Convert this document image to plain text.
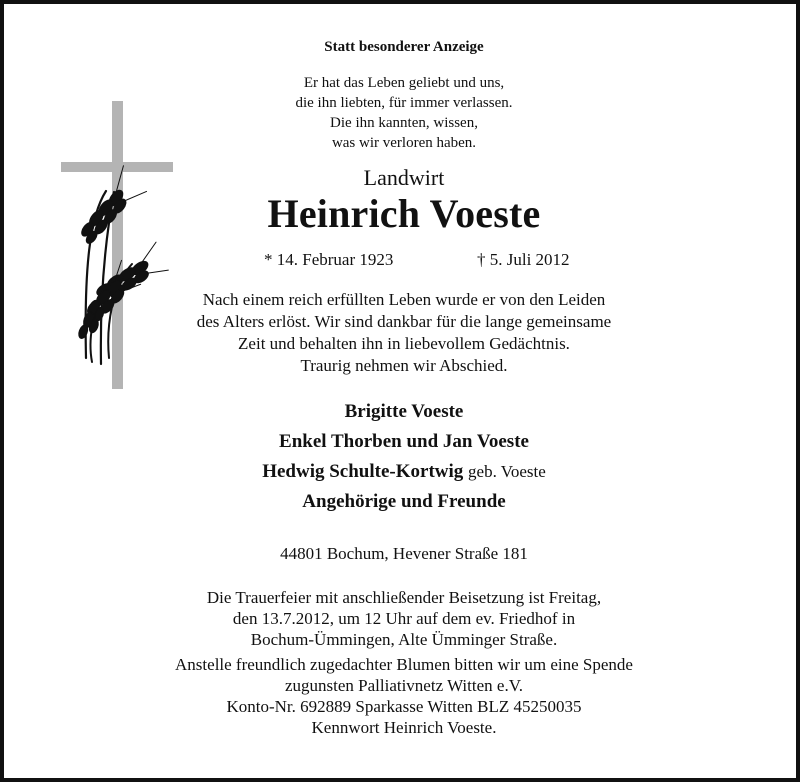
Statt besonderer Anzeige
Er hat das Leben geliebt und uns,
die ihn liebten, für immer verlassen.
Die ihn kannten, wissen,
was wir verloren haben.
Landwirt
Heinrich Voeste
* 14. Februar 1923	† 5. Juli 2012
Nach einem reich erfüllten Leben wurde er von den Leiden
des Alters erlöst. Wir sind dankbar für die lange gemeinsame
Zeit und behalten ihn in liebevollem Gedächtnis.
Traurig nehmen wir Abschied.
Brigitte Voeste
Enkel Thorben und Jan Voeste
Hedwig Schulte-Kortwig geb. Voeste
Angehörige und Freunde
44801 Bochum, Hevener Straße 181
Die Trauerfeier mit anschließender Beisetzung ist Freitag,
den 13.7.2012, um 12 Uhr auf dem ev. Friedhof in
Bochum-Ümmingen, Alte Ümminger Straße.
Anstelle freundlich zugedachter Blumen bitten wir um eine Spende
zugunsten Palliativnetz Witten e.V.
Konto-Nr. 692889 Sparkasse Witten BLZ 45250035
Kennwort Heinrich Voeste.
